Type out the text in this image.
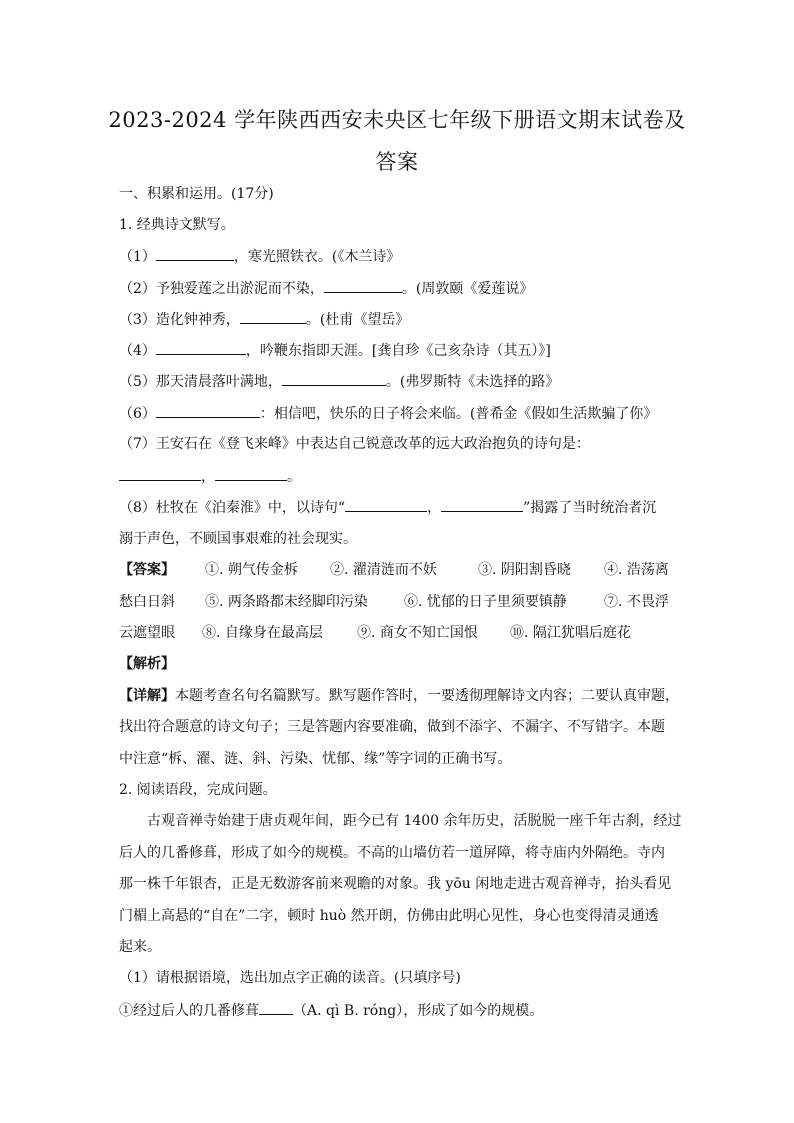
2023-2024 学年陕西西安未央区七年级下册语文期末试卷及
答案
一、积累和运用。(17分)
1. 经典诗文默写。
（1）	，寒光照铁衣。(《木兰诗》
（2）予独爱莲之出淤泥而不染，	。(周敦颐《爱莲说》
（3）造化钟神秀，	。(杜甫《望岳》
（4）	，吟鞭东指即天涯。[龚自珍《己亥杂诗（其五）》]
（5）那天清晨落叶满地，	。(弗罗斯特《未选择的路》
（6）	：相信吧，快乐的日子将会来临。(普希金《假如生活欺骗了你》
（7）王安石在《登飞来峰》中表达自己锐意改革的远大政治抱负的诗句是：
，	。
（8）杜牧在《泊秦淮》中，以诗句“	，	”揭露了当时统治者沉
溺于声色，不顾国事艰难的社会现实。
【答案】 ①. 朔气传金柝 ②. 濯清涟而不妖	③. 阴阳割昏晓 ④. 浩荡离
愁白日斜 ⑤. 两条路都未经脚印污染	⑥. 忧郁的日子里须要镇静	⑦. 不畏浮
云遮望眼 ⑧. 自缘身在最高层 ⑨. 商女不知亡国恨 ⑩. 隔江犹唱后庭花
【解析】
【详解】本题考查名句名篇默写。默写题作答时，一要透彻理解诗文内容；二要认真审题，
找出符合题意的诗文句子；三是答题内容要准确，做到不添字、不漏字、不写错字。本题
中注意“柝、濯、涟、斜、污染、忧郁、缘”等字词的正确书写。
2. 阅读语段，完成问题。
古观音禅寺始建于唐贞观年间，距今已有 1400 余年历史，活脱脱一座千年古刹，经过
后人的几番修葺，形成了如今的规模。不高的山墙仿若一道屏障，将寺庙内外隔绝。寺内
那一株千年银杏，正是无数游客前来观瞻的对象。我 yōu 闲地走进古观音禅寺，抬头看见
门楣上高悬的“自在”二字，顿时 huò 然开朗，仿佛由此明心见性，身心也变得清灵通透
起来。
（1）请根据语境，选出加点字正确的读音。(只填序号)
①经过后人的几番修葺 （A. qì B. róng），形成了如今的规模。
